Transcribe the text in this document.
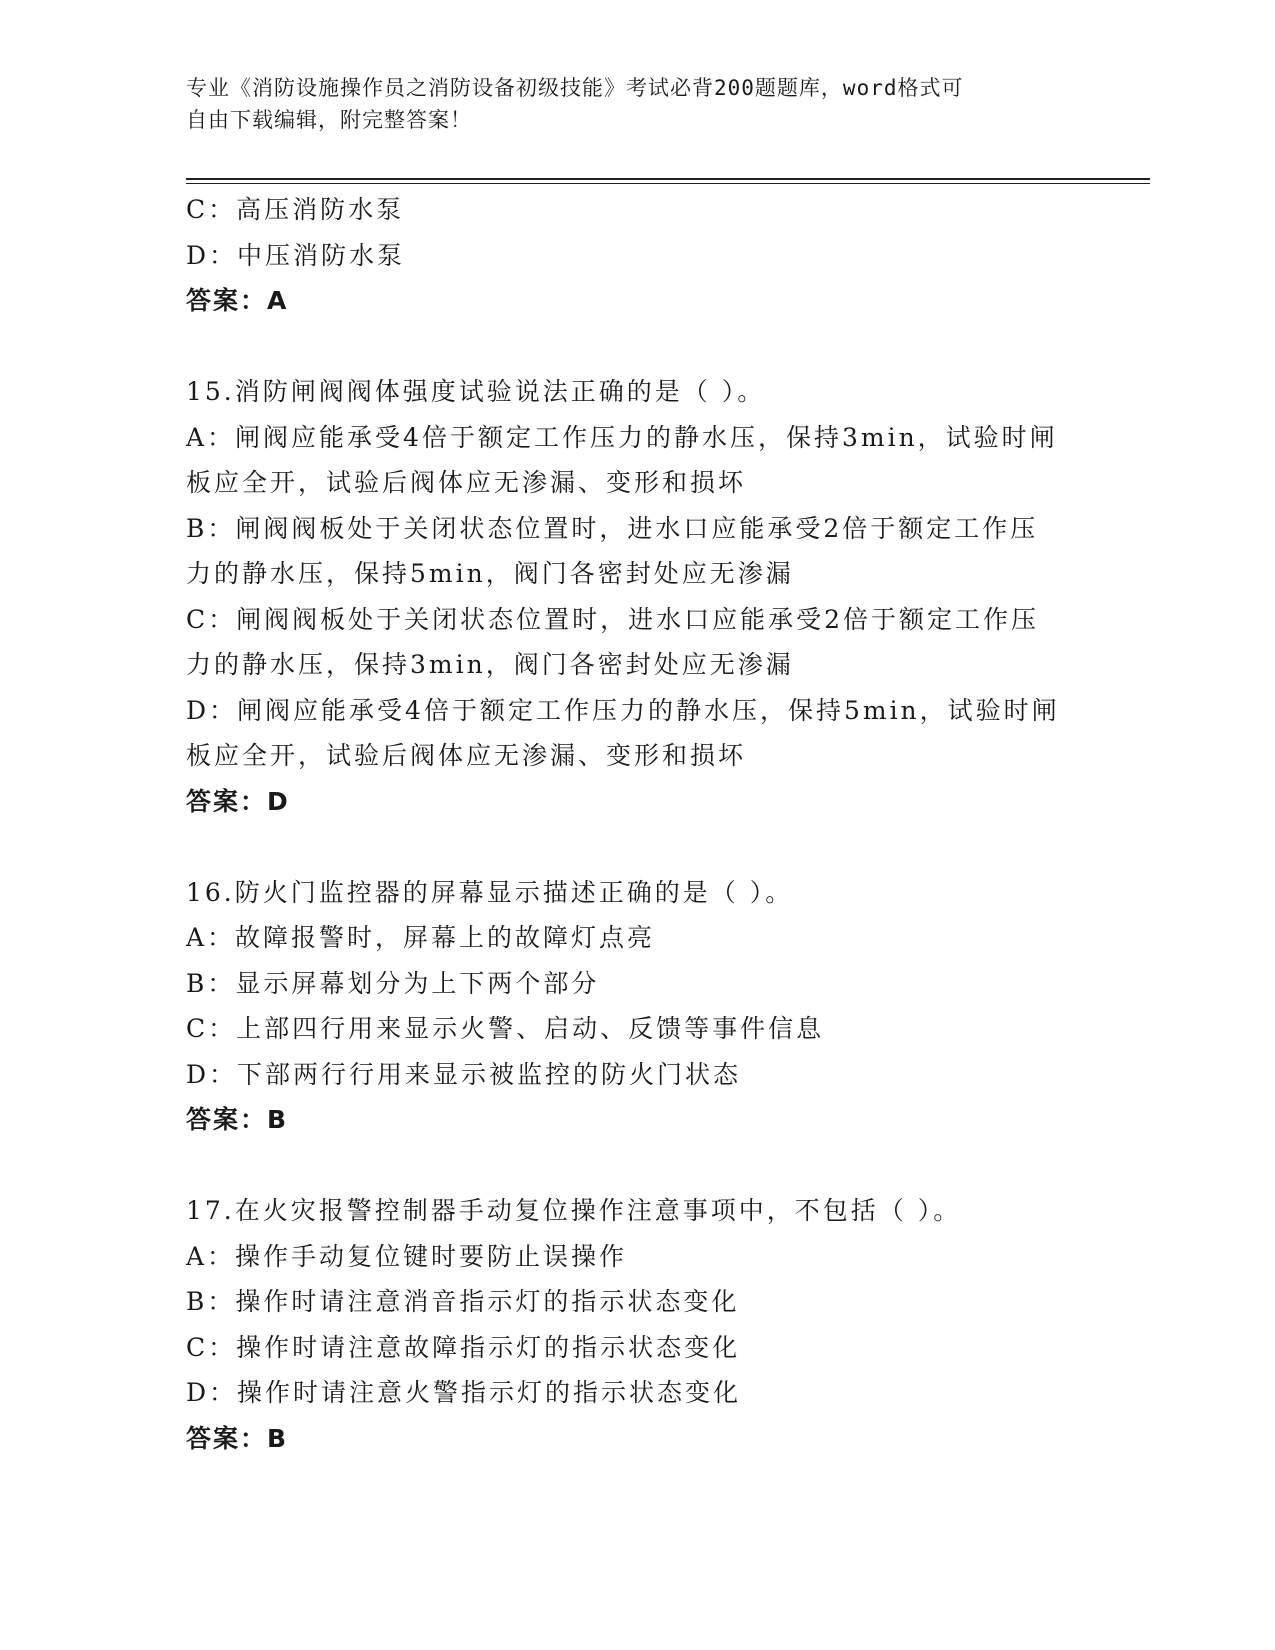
专业《消防设施操作员之消防设备初级技能》考试必背200题题库，word格式可
自由下载编辑，附完整答案！
C：高压消防水泵
D：中压消防水泵
答案：A
15.消防闸阀阀体强度试验说法正确的是（ ）。
A：闸阀应能承受4倍于额定工作压力的静水压，保持3min，试验时闸
板应全开，试验后阀体应无渗漏、变形和损坏
B：闸阀阀板处于关闭状态位置时，进水口应能承受2倍于额定工作压
力的静水压，保持5min，阀门各密封处应无渗漏
C：闸阀阀板处于关闭状态位置时，进水口应能承受2倍于额定工作压
力的静水压，保持3min，阀门各密封处应无渗漏
D：闸阀应能承受4倍于额定工作压力的静水压，保持5min，试验时闸
板应全开，试验后阀体应无渗漏、变形和损坏
答案：D
16.防火门监控器的屏幕显示描述正确的是（ ）。
A：故障报警时，屏幕上的故障灯点亮
B：显示屏幕划分为上下两个部分
C：上部四行用来显示火警、启动、反馈等事件信息
D：下部两行行用来显示被监控的防火门状态
答案：B
17.在火灾报警控制器手动复位操作注意事项中，不包括（ ）。
A：操作手动复位键时要防止误操作
B：操作时请注意消音指示灯的指示状态变化
C：操作时请注意故障指示灯的指示状态变化
D：操作时请注意火警指示灯的指示状态变化
答案：B
